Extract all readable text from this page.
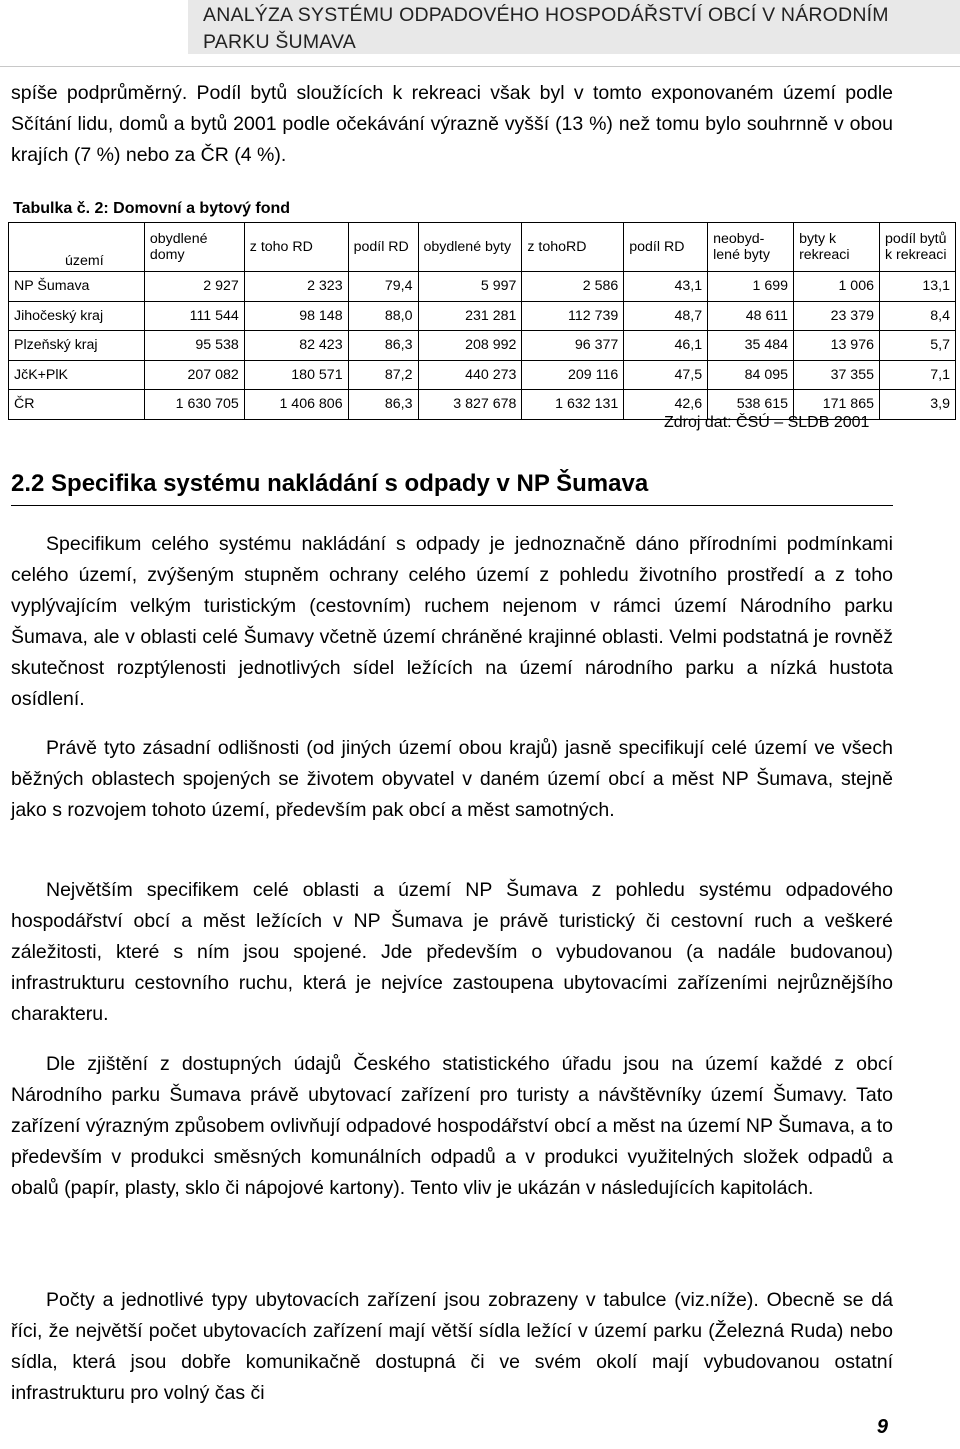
ANALÝZA SYSTÉMU ODPADOVÉHO HOSPODÁŘSTVÍ OBCÍ V NÁRODNÍM
PARKU ŠUMAVA

spíše podprůměrný. Podíl bytů sloužících k rekreaci však byl v tomto exponovaném území podle Sčítání lidu, domů a bytů 2001 podle očekávání výrazně vyšší (13 %) než tomu bylo souhrnně v obou krajích (7 %) nebo za ČR (4 %).

Tabulka č. 2: Domovní a bytový fond
území	obydlené domy	z toho RD	podíl RD	obydlené byty	z tohoRD	podíl RD	neobyd- lené byty	byty k rekreaci	podíl bytů k rekreaci
NP Šumava	2 927	2 323	79,4	5 997	2 586	43,1	1 699	1 006	13,1
Jihočeský kraj	111 544	98 148	88,0	231 281	112 739	48,7	48 611	23 379	8,4
Plzeňský kraj	95 538	82 423	86,3	208 992	96 377	46,1	35 484	13 976	5,7
JčK+PlK	207 082	180 571	87,2	440 273	209 116	47,5	84 095	37 355	7,1
ČR	1 630 705	1 406 806	86,3	3 827 678	1 632 131	42,6	538 615	171 865	3,9
Zdroj dat: ČSÚ – SLDB 2001
2.2 Specifika systému nakládání s odpady v NP Šumava

Specifikum celého systému nakládání s odpady je jednoznačně dáno přírodními podmínkami celého území, zvýšeným stupněm ochrany celého území z pohledu životního prostředí a z toho vyplývajícím velkým turistickým (cestovním) ruchem nejenom v rámci území Národního parku Šumava, ale v oblasti celé Šumavy včetně území chráněné krajinné oblasti. Velmi podstatná je rovněž skutečnost rozptýlenosti jednotlivých sídel ležících na území národního parku a nízká hustota osídlení.

Právě tyto zásadní odlišnosti (od jiných území obou krajů) jasně specifikují celé území ve všech běžných oblastech spojených se životem obyvatel v daném území obcí a měst NP Šumava, stejně jako s rozvojem tohoto území, především pak obcí a měst samotných.

Největším specifikem celé oblasti a území NP Šumava z pohledu systému odpadového hospodářství obcí a měst ležících v NP Šumava je právě turistický či cestovní ruch a veškeré záležitosti, které s ním jsou spojené. Jde především o vybudovanou (a nadále budovanou) infrastrukturu cestovního ruchu, která je nejvíce zastoupena ubytovacími zařízeními nejrůznějšího charakteru.

Dle zjištění z dostupných údajů Českého statistického úřadu jsou na území každé z obcí Národního parku Šumava právě ubytovací zařízení pro turisty a návštěvníky území Šumavy. Tato zařízení výrazným způsobem ovlivňují odpadové hospodářství obcí a měst na území NP Šumava, a to především v produkci směsných komunálních odpadů a v produkci využitelných složek odpadů a obalů (papír, plasty, sklo či nápojové kartony). Tento vliv je ukázán v následujících kapitolách.

Počty a jednotlivé typy ubytovacích zařízení jsou zobrazeny v tabulce (viz.níže). Obecně se dá říci, že největší počet ubytovacích zařízení mají větší sídla ležící v území parku (Železná Ruda) nebo sídla, která jsou dobře komunikačně dostupná či ve svém okolí mají vybudovanou ostatní infrastrukturu pro volný čas či

9
